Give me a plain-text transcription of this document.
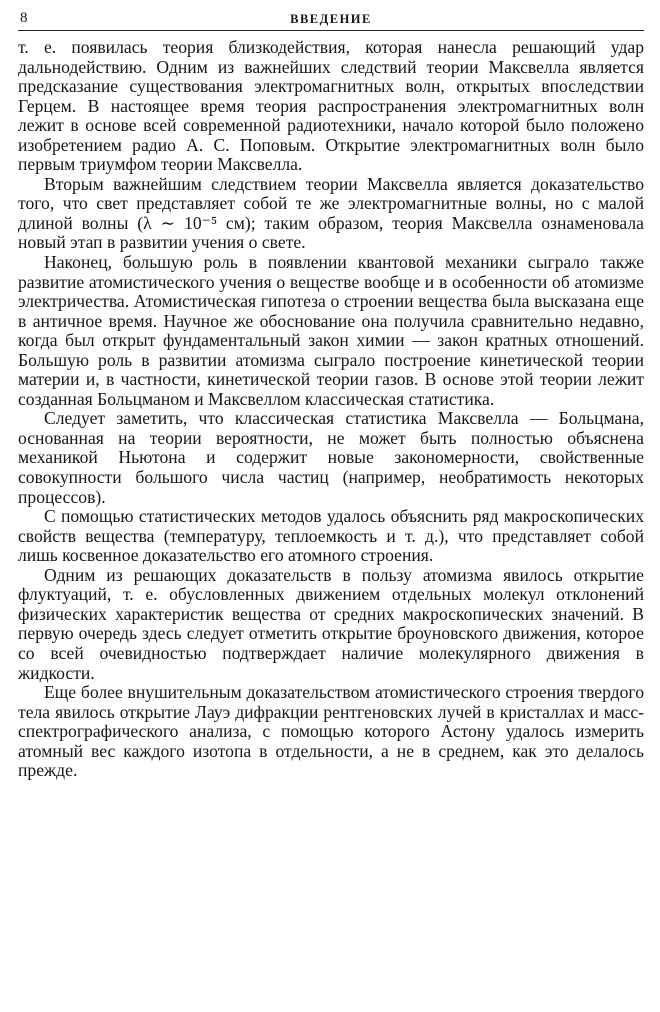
8	ВВЕДЕНИЕ

т. е. появилась теория близкодействия, которая нанесла решающий удар дальнодействию. Одним из важнейших следствий теории Максвелла является предсказание существования электромагнитных волн, открытых впоследствии Герцем. В настоящее время теория распространения электромагнитных волн лежит в основе всей современной радиотехники, начало которой было положено изобретением радио А. С. Поповым. Открытие электромагнитных волн было первым триумфом теории Максвелла.

Вторым важнейшим следствием теории Максвелла является доказательство того, что свет представляет собой те же электромагнитные волны, но с малой длиной волны (λ ∼ 10⁻⁵ см); таким образом, теория Максвелла ознаменовала новый этап в развитии учения о свете.

Наконец, большую роль в появлении квантовой механики сыграло также развитие атомистического учения о веществе вообще и в особенности об атомизме электричества. Атомистическая гипотеза о строении вещества была высказана еще в античное время. Научное же обоснование она получила сравнительно недавно, когда был открыт фундаментальный закон химии — закон кратных отношений. Большую роль в развитии атомизма сыграло построение кинетической теории материи и, в частности, кинетической теории газов. В основе этой теории лежит созданная Больцманом и Максвеллом классическая статистика.

Следует заметить, что классическая статистика Максвелла — Больцмана, основанная на теории вероятности, не может быть полностью объяснена механикой Ньютона и содержит новые закономерности, свойственные совокупности большого числа частиц (например, необратимость некоторых процессов).

С помощью статистических методов удалось объяснить ряд макроскопических свойств вещества (температуру, теплоемкость и т. д.), что представляет собой лишь косвенное доказательство его атомного строения.

Одним из решающих доказательств в пользу атомизма явилось открытие флуктуаций, т. е. обусловленных движением отдельных молекул отклонений физических характеристик вещества от средних макроскопических значений. В первую очередь здесь следует отметить открытие броуновского движения, которое со всей очевидностью подтверждает наличие молекулярного движения в жидкости.

Еще более внушительным доказательством атомистического строения твердого тела явилось открытие Лауэ дифракции рентгеновских лучей в кристаллах и масс-спектрографического анализа, с помощью которого Астону удалось измерить атомный вес каждого изотопа в отдельности, а не в среднем, как это делалось прежде.
